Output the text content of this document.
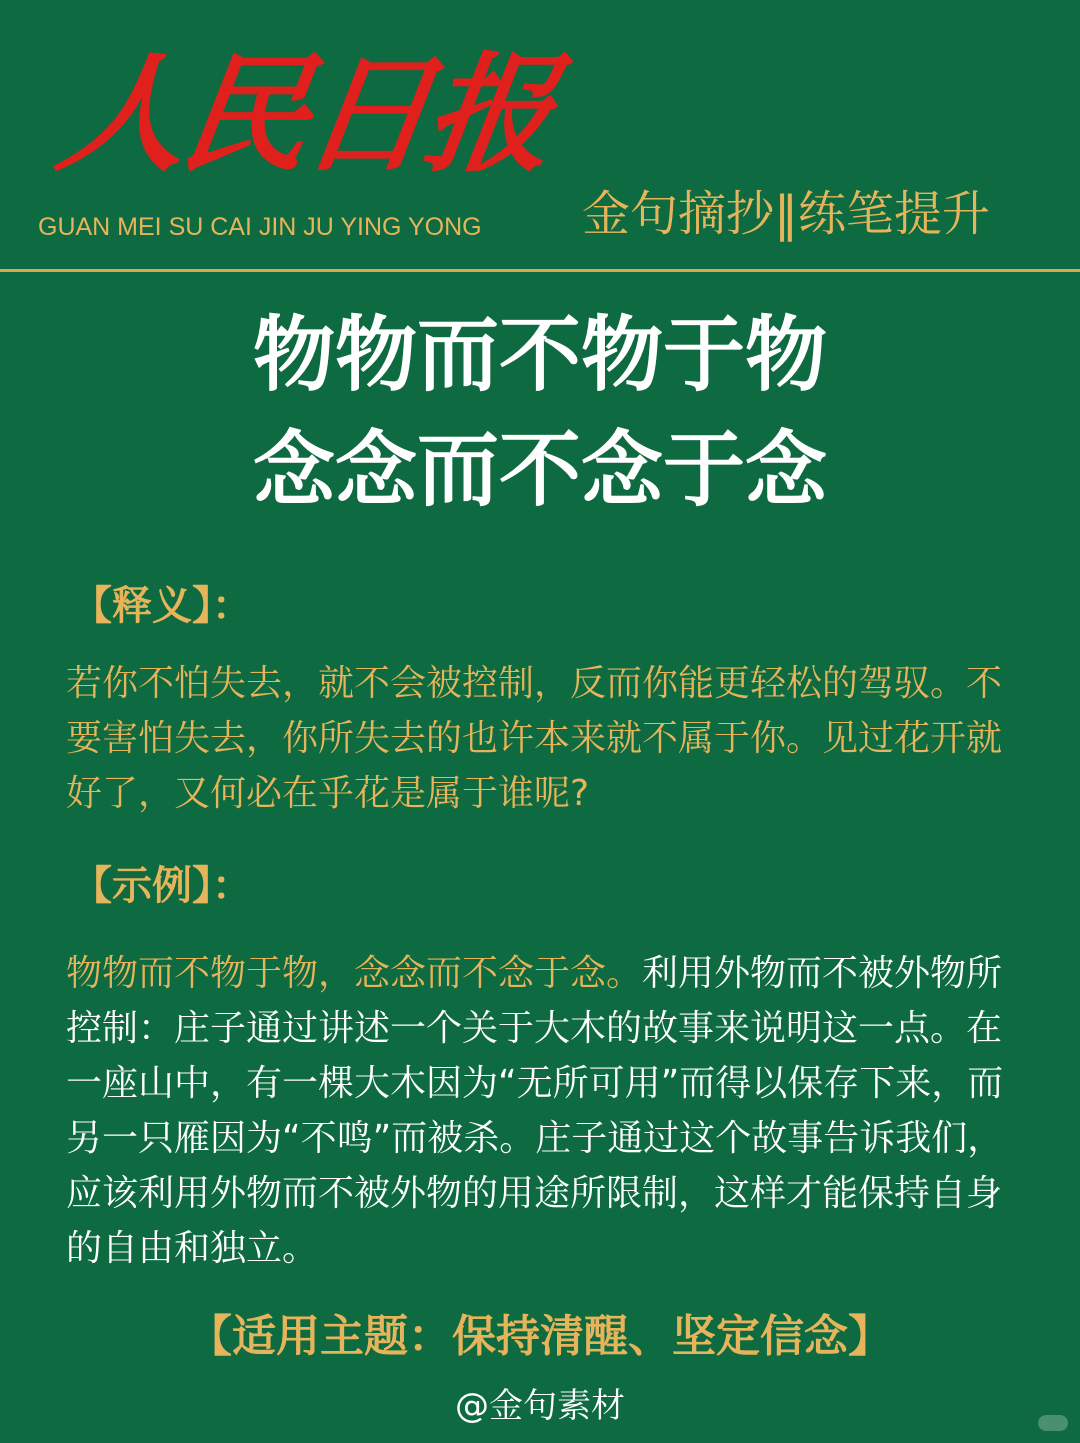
人民日报
GUAN MEI SU CAI JIN JU YING YONG 金句摘抄‖练笔提升
物物而不物于物
念念而不念于念
【释义】：

若你不怕失去，就不会被控制，反而你能更轻松的驾驭。不要害怕失去，你所失去的也许本来就不属于你。见过花开就好了，又何必在乎花是属于谁呢?

【示例】：

物物而不物于物，念念而不念于念。利用外物而不被外物所控制：庄子通过讲述一个关于大木的故事来说明这一点。在一座山中，有一棵大木因为“无所可用”而得以保存下来，而另一只雁因为“不鸣”而被杀。庄子通过这个故事告诉我们，应该利用外物而不被外物的用途所限制，这样才能保持自身的自由和独立。

【适用主题：保持清醒、坚定信念】
@金句素材
